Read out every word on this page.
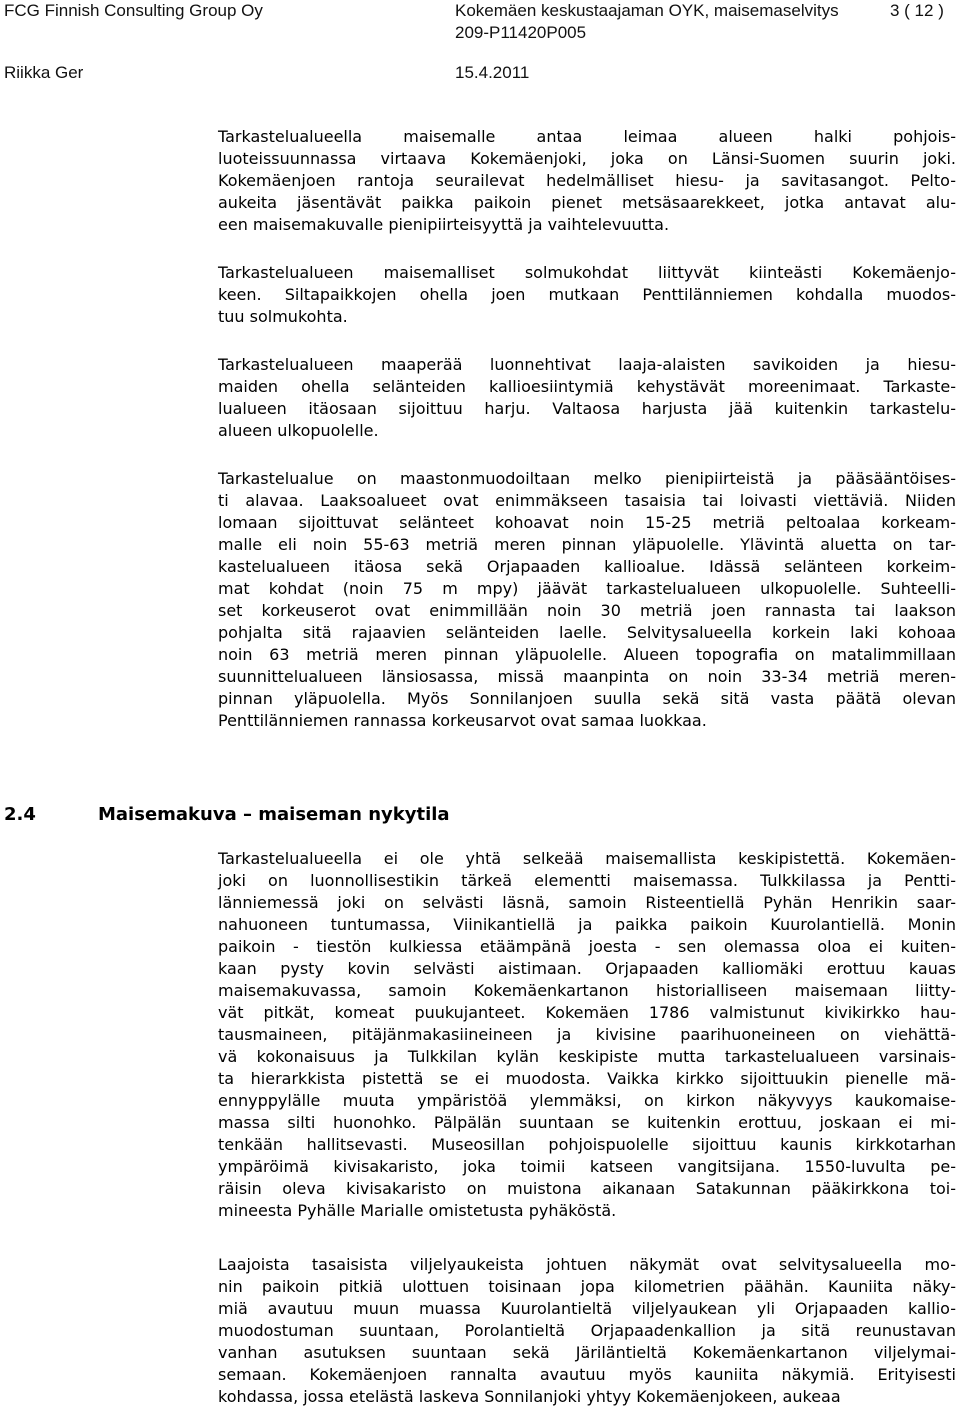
FCG Finnish Consulting Group Oy	Kokemäen keskustaajaman OYK, maisemaselvitys	3 ( 12 )
209-P11420P005
Riikka Ger	15.4.2011
Tarkastelualueella maisemalle antaa leimaa alueen halki pohjois-
luoteissuunnassa virtaava Kokemäenjoki, joka on Länsi-Suomen suurin joki.
Kokemäenjoen rantoja seurailevat hedelmälliset hiesu- ja savitasangot. Pelto-
aukeita jäsentävät paikka paikoin pienet metsäsaarekkeet, jotka antavat alu-
een maisemakuvalle pienipiirteisyyttä ja vaihtelevuutta.
Tarkastelualueen maisemalliset solmukohdat liittyvät kiinteästi Kokemäenjo-
keen. Siltapaikkojen ohella joen mutkaan Penttilänniemen kohdalla muodos-
tuu solmukohta.
Tarkastelualueen maaperää luonnehtivat laaja-alaisten savikoiden ja hiesu-
maiden ohella selänteiden kallioesiintymiä kehystävät moreenimaat. Tarkaste-
lualueen itäosaan sijoittuu harju. Valtaosa harjusta jää kuitenkin tarkastelu-
alueen ulkopuolelle.
Tarkastelualue on maastonmuodoiltaan melko pienipiirteistä ja pääsääntöises-
ti alavaa. Laaksoalueet ovat enimmäkseen tasaisia tai loivasti viettäviä. Niiden
lomaan sijoittuvat selänteet kohoavat noin 15-25 metriä peltoalaa korkeam-
malle eli noin 55-63 metriä meren pinnan yläpuolelle. Ylävintä aluetta on tar-
kastelualueen itäosa sekä Orjapaaden kallioalue. Idässä selänteen korkeim-
mat kohdat (noin 75 m mpy) jäävät tarkastelualueen ulkopuolelle. Suhteelli-
set korkeuserot ovat enimmillään noin 30 metriä joen rannasta tai laakson
pohjalta sitä rajaavien selänteiden laelle. Selvitysalueella korkein laki kohoaa
noin 63 metriä meren pinnan yläpuolelle. Alueen topografia on matalimmillaan
suunnittelualueen länsiosassa, missä maanpinta on noin 33-34 metriä meren-
pinnan yläpuolella. Myös Sonnilanjoen suulla sekä sitä vasta päätä olevan
Penttilänniemen rannassa korkeusarvot ovat samaa luokkaa.
2.4	Maisemakuva – maiseman nykytila
Tarkastelualueella ei ole yhtä selkeää maisemallista keskipistettä. Kokemäen-
joki on luonnollisestikin tärkeä elementti maisemassa. Tulkkilassa ja Pentti-
länniemessä joki on selvästi läsnä, samoin Risteentiellä Pyhän Henrikin saar-
nahuoneen tuntumassa, Viinikantiellä ja paikka paikoin Kuurolantiellä. Monin
paikoin - tiestön kulkiessa etäämpänä joesta - sen olemassa oloa ei kuiten-
kaan pysty kovin selvästi aistimaan. Orjapaaden kalliomäki erottuu kauas
maisemakuvassa, samoin Kokemäenkartanon historialliseen maisemaan liitty-
vät pitkät, komeat puukujanteet. Kokemäen 1786 valmistunut kivikirkko hau-
tausmaineen, pitäjänmakasiineineen ja kivisine paarihuoneineen on viehättä-
vä kokonaisuus ja Tulkkilan kylän keskipiste mutta tarkastelualueen varsinais-
ta hierarkkista pistettä se ei muodosta. Vaikka kirkko sijoittuukin pienelle mä-
ennyppylälle muuta ympäristöä ylemmäksi, on kirkon näkyvyys kaukomaise-
massa silti huonohko. Pälpälän suuntaan se kuitenkin erottuu, joskaan ei mi-
tenkään hallitsevasti. Museosillan pohjoispuolelle sijoittuu kaunis kirkkotarhan
ympäröimä kivisakaristo, joka toimii katseen vangitsijana. 1550-luvulta pe-
räisin oleva kivisakaristo on muistona aikanaan Satakunnan pääkirkkona toi-
mineesta Pyhälle Marialle omistetusta pyhäköstä.
Laajoista tasaisista viljelyaukeista johtuen näkymät ovat selvitysalueella mo-
nin paikoin pitkiä ulottuen toisinaan jopa kilometrien päähän. Kauniita näky-
miä avautuu muun muassa Kuurolantieltä viljelyaukean yli Orjapaaden kallio-
muodostuman suuntaan, Porolantieltä Orjapaadenkallion ja sitä reunustavan
vanhan asutuksen suuntaan sekä Järiläntieltä Kokemäenkartanon viljelymai-
semaan. Kokemäenjoen rannalta avautuu myös kauniita näkymiä. Erityisesti
kohdassa, jossa etelästä laskeva Sonnilanjoki yhtyy Kokemäenjokeen, aukeaa
